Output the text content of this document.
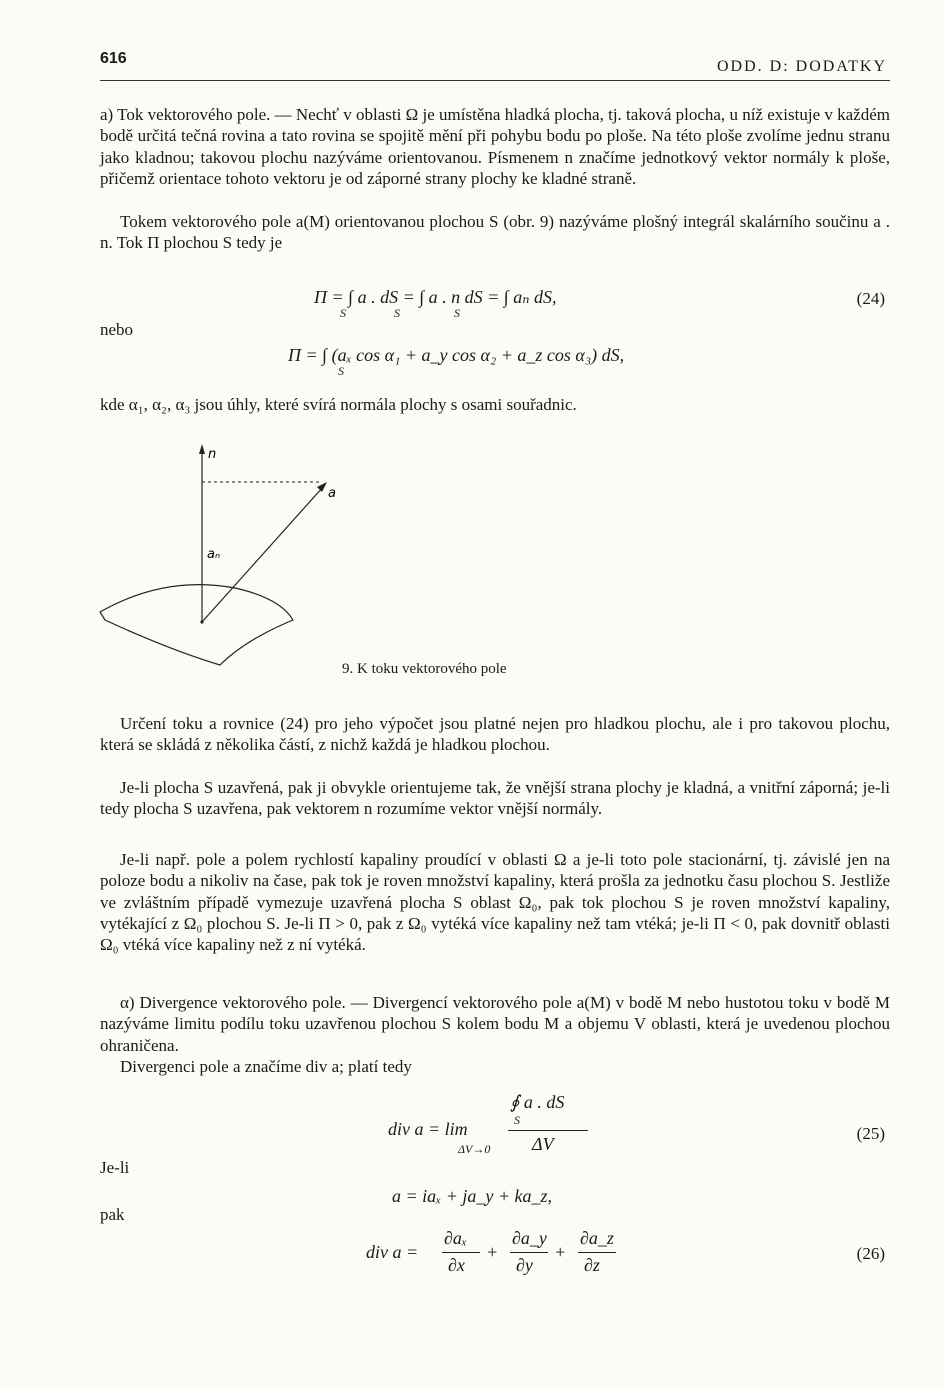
616	ODD. D: DODATKY

a) Tok vektorového pole. — Nechť v oblasti Ω je umístěna hladká plocha, tj. taková plocha, u níž existuje v každém bodě určitá tečná rovina a tato rovina se spojitě mění při pohybu bodu po ploše. Na této ploše zvolíme jednu stranu jako kladnou; takovou plochu nazýváme orientovanou. Písmenem n značíme jednotkový vektor normály k ploše, přičemž orientace tohoto vektoru je od záporné strany plochy ke kladné straně.

Tokem vektorového pole a(M) orientovanou plochou S (obr. 9) nazýváme plošný integrál skalárního součinu a . n. Tok Π plochou S tedy je

Π = ∫ a . dS = ∫ a . n dS = ∫ aₙ dS,
S                S                  S
(24)
nebo
Π = ∫ (aₓ cos α₁ + a_y cos α₂ + a_z cos α₃) dS,
S
kde α₁, α₂, α₃ jsou úhly, které svírá normála plochy s osami souřadnic.
n
a
aₙ
9. K toku vektorového pole

Určení toku a rovnice (24) pro jeho výpočet jsou platné nejen pro hladkou plochu, ale i pro takovou plochu, která se skládá z několika částí, z nichž každá je hladkou plochou.

Je-li plocha S uzavřená, pak ji obvykle orientujeme tak, že vnější strana plochy je kladná, a vnitřní záporná; je-li tedy plocha S uzavřena, pak vektorem n rozumíme vektor vnější normály.

Je-li např. pole a polem rychlostí kapaliny proudící v oblasti Ω a je-li toto pole stacionární, tj. závislé jen na poloze bodu a nikoliv na čase, pak tok je roven množství kapaliny, která prošla za jednotku času plochou S. Jestliže ve zvláštním případě vymezuje uzavřená plocha S oblast Ω₀, pak tok plochou S je roven množství kapaliny, vytékající z Ω₀ plochou S. Je-li Π > 0, pak z Ω₀ vytéká více kapaliny než tam vtéká; je-li Π < 0, pak dovnitř oblasti Ω₀ vtéká více kapaliny než z ní vytéká.

α) Divergence vektorového pole. — Divergencí vektorového pole a(M) v bodě M nebo hustotou toku v bodě M nazýváme limitu podílu toku uzavřenou plochou S kolem bodu M a objemu V oblasti, která je uvedenou plochou ohraničena.

Divergenci pole a značíme div a; platí tedy

∮ a . dS
S
div a = lim
ΔV→0 ΔV
(25)
Je-li
a = iaₓ + ja_y + ka_z,
pak
div a =
∂aₓ
∂x
+
∂a_y
∂y
+
∂a_z
∂z
(26)
